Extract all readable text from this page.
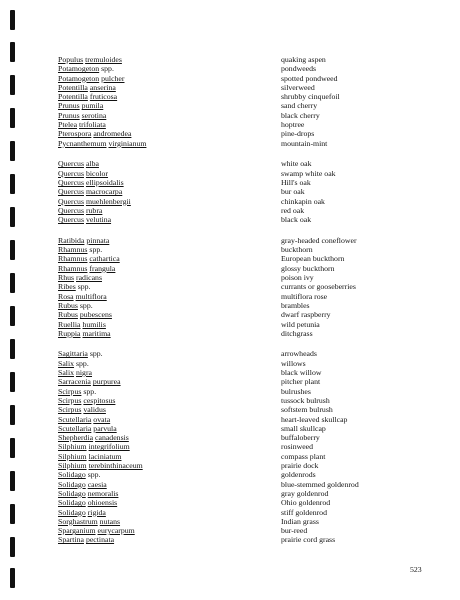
Populus tremuloides	quaking aspen
Potamogeton spp.	pondweeds
Potamogeton pulcher	spotted pondweed
Potentilla anserina	silverweed
Potentilla fruticosa	shrubby cinquefoil
Prunus pumila	sand cherry
Prunus serotina	black cherry
Ptelea trifoliata	hoptree
Pterospora andromedea	pine-drops
Pycnanthemum virginianum	mountain-mint
Quercus alba	white oak
Quercus bicolor	swamp white oak
Quercus ellipsoidalis	Hill's oak
Quercus macrocarpa	bur oak
Quercus muehlenbergii	chinkapin oak
Quercus rubra	red oak
Quercus velutina	black oak
Ratibida pinnata	gray-headed coneflower
Rhamnus spp.	buckthorn
Rhamnus cathartica	European buckthorn
Rhamnus frangula	glossy buckthorn
Rhus radicans	poison ivy
Ribes spp.	currants or gooseberries
Rosa multiflora	multiflora rose
Rubus spp.	brambles
Rubus pubescens	dwarf raspberry
Ruellia humilis	wild petunia
Ruppia maritima	ditchgrass
Sagittaria spp.	arrowheads
Salix spp.	willows
Salix nigra	black willow
Sarracenia purpurea	pitcher plant
Scirpus spp.	bulrushes
Scirpus cespitosus	tussock bulrush
Scirpus validus	softstem bulrush
Scutellaria ovata	heart-leaved skullcap
Scutellaria parvula	small skullcap
Shepherdia canadensis	buffaloberry
Silphium integrifolium	rosinweed
Silphium laciniatum	compass plant
Silphium terebinthinaceum	prairie dock
Solidago spp.	goldenrods
Solidago caesia	blue-stemmed goldenrod
Solidago nemoralis	gray goldenrod
Solidago ohioensis	Ohio goldenrod
Solidago rigida	stiff goldenrod
Sorghastrum nutans	Indian grass
Sparganium eurycarpum	bur-reed
Spartina pectinata	prairie cord grass
523
